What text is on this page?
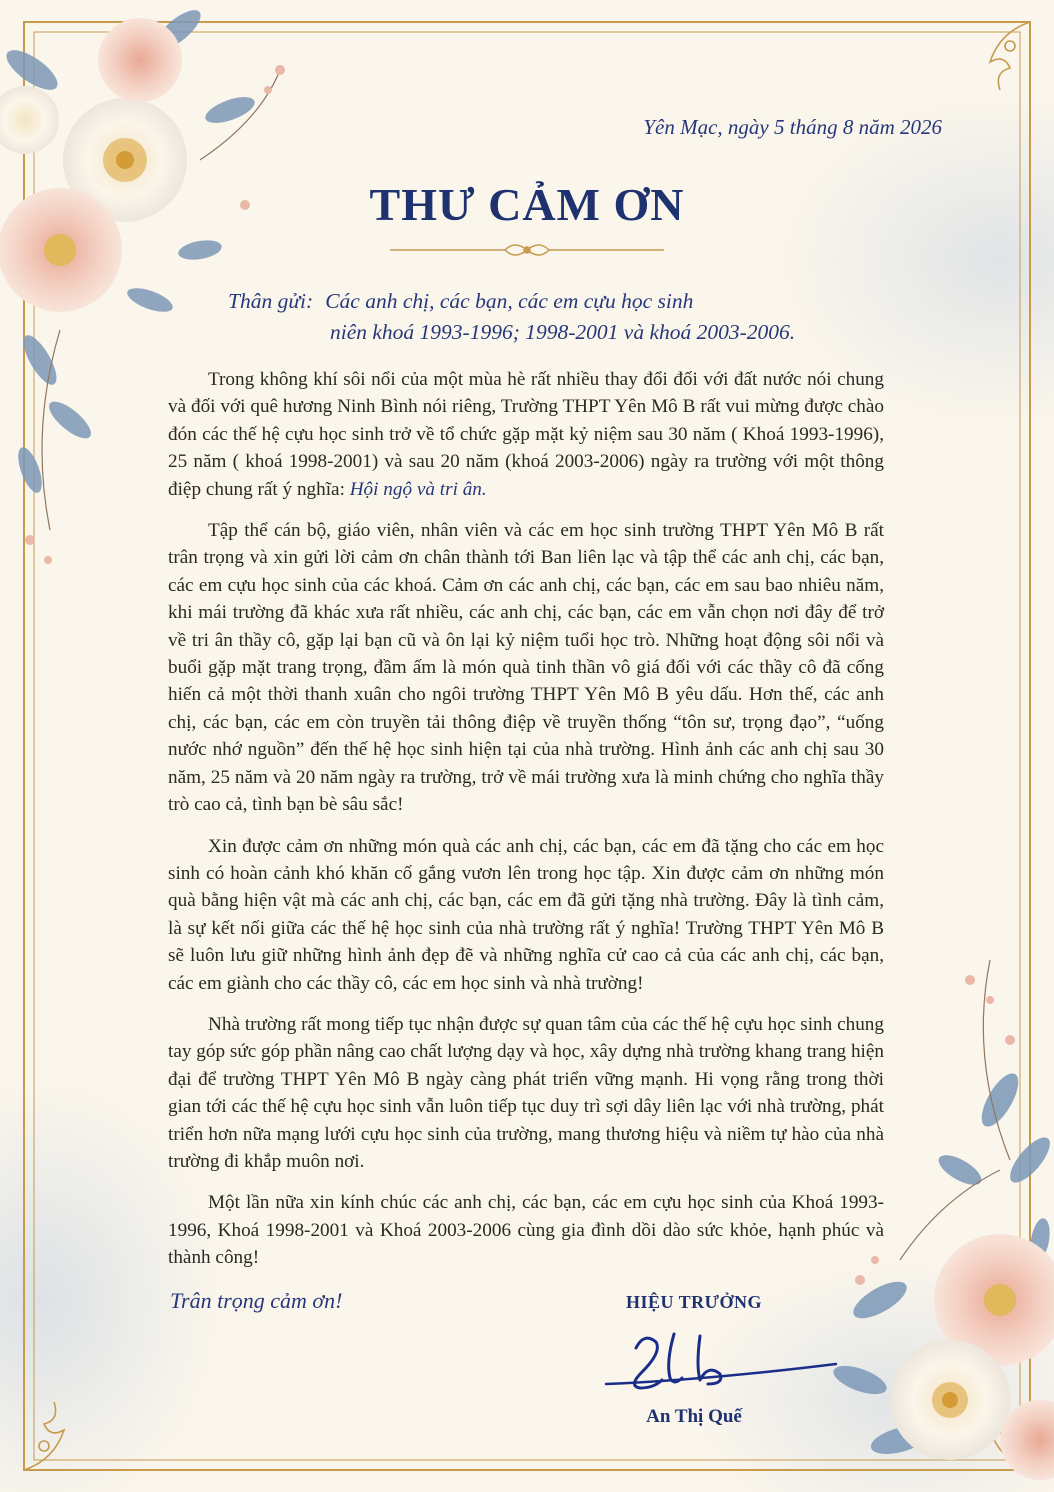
Yên Mạc, ngày 5 tháng 8 năm 2026
THƯ CẢM ƠN
Thân gửi: Các anh chị, các bạn, các em cựu học sinh
niên khoá 1993-1996; 1998-2001 và khoá 2003-2006.

Trong không khí sôi nổi của một mùa hè rất nhiều thay đổi đối với đất nước nói chung và đối với quê hương Ninh Bình nói riêng, Trường THPT Yên Mô B rất vui mừng được chào đón các thế hệ cựu học sinh trở về tổ chức gặp mặt kỷ niệm sau 30 năm ( Khoá 1993-1996), 25 năm ( khoá 1998-2001) và sau 20 năm (khoá 2003-2006) ngày ra trường với một thông điệp chung rất ý nghĩa: Hội ngộ và tri ân.

Tập thể cán bộ, giáo viên, nhân viên và các em học sinh trường THPT Yên Mô B rất trân trọng và xin gửi lời cảm ơn chân thành tới Ban liên lạc và tập thể các anh chị, các bạn, các em cựu học sinh của các khoá. Cảm ơn các anh chị, các bạn, các em sau bao nhiêu năm, khi mái trường đã khác xưa rất nhiều, các anh chị, các bạn, các em vẫn chọn nơi đây để trở về tri ân thầy cô, gặp lại bạn cũ và ôn lại kỷ niệm tuổi học trò. Những hoạt động sôi nổi và buổi gặp mặt trang trọng, đầm ấm là món quà tinh thần vô giá đối với các thầy cô đã cống hiến cả một thời thanh xuân cho ngôi trường THPT Yên Mô B yêu dấu. Hơn thế, các anh chị, các bạn, các em còn truyền tải thông điệp về truyền thống “tôn sư, trọng đạo”, “uống nước nhớ nguồn” đến thế hệ học sinh hiện tại của nhà trường. Hình ảnh các anh chị sau 30 năm, 25 năm và 20 năm ngày ra trường, trở về mái trường xưa là minh chứng cho nghĩa thầy trò cao cả, tình bạn bè sâu sắc!

Xin được cảm ơn những món quà các anh chị, các bạn, các em đã tặng cho các em học sinh có hoàn cảnh khó khăn cố gắng vươn lên trong học tập. Xin được cảm ơn những món quà bằng hiện vật mà các anh chị, các bạn, các em đã gửi tặng nhà trường. Đây là tình cảm, là sự kết nối giữa các thế hệ học sinh của nhà trường rất ý nghĩa! Trường THPT Yên Mô B sẽ luôn lưu giữ những hình ảnh đẹp đẽ và những nghĩa cử cao cả của các anh chị, các bạn, các em giành cho các thầy cô, các em học sinh và nhà trường!

Nhà trường rất mong tiếp tục nhận được sự quan tâm của các thế hệ cựu học sinh chung tay góp sức góp phần nâng cao chất lượng dạy và học, xây dựng nhà trường khang trang hiện đại để trường THPT Yên Mô B ngày càng phát triển vững mạnh. Hi vọng rằng trong thời gian tới các thế hệ cựu học sinh vẫn luôn tiếp tục duy trì sợi dây liên lạc với nhà trường, phát triển hơn nữa mạng lưới cựu học sinh của trường, mang thương hiệu và niềm tự hào của nhà trường đi khắp muôn nơi.

Một lần nữa xin kính chúc các anh chị, các bạn, các em cựu học sinh của Khoá 1993-1996, Khoá 1998-2001 và Khoá 2003-2006 cùng gia đình dồi dào sức khỏe, hạnh phúc và thành công!

Trân trọng cảm ơn!	HIỆU TRƯỞNG
An Thị Quế
